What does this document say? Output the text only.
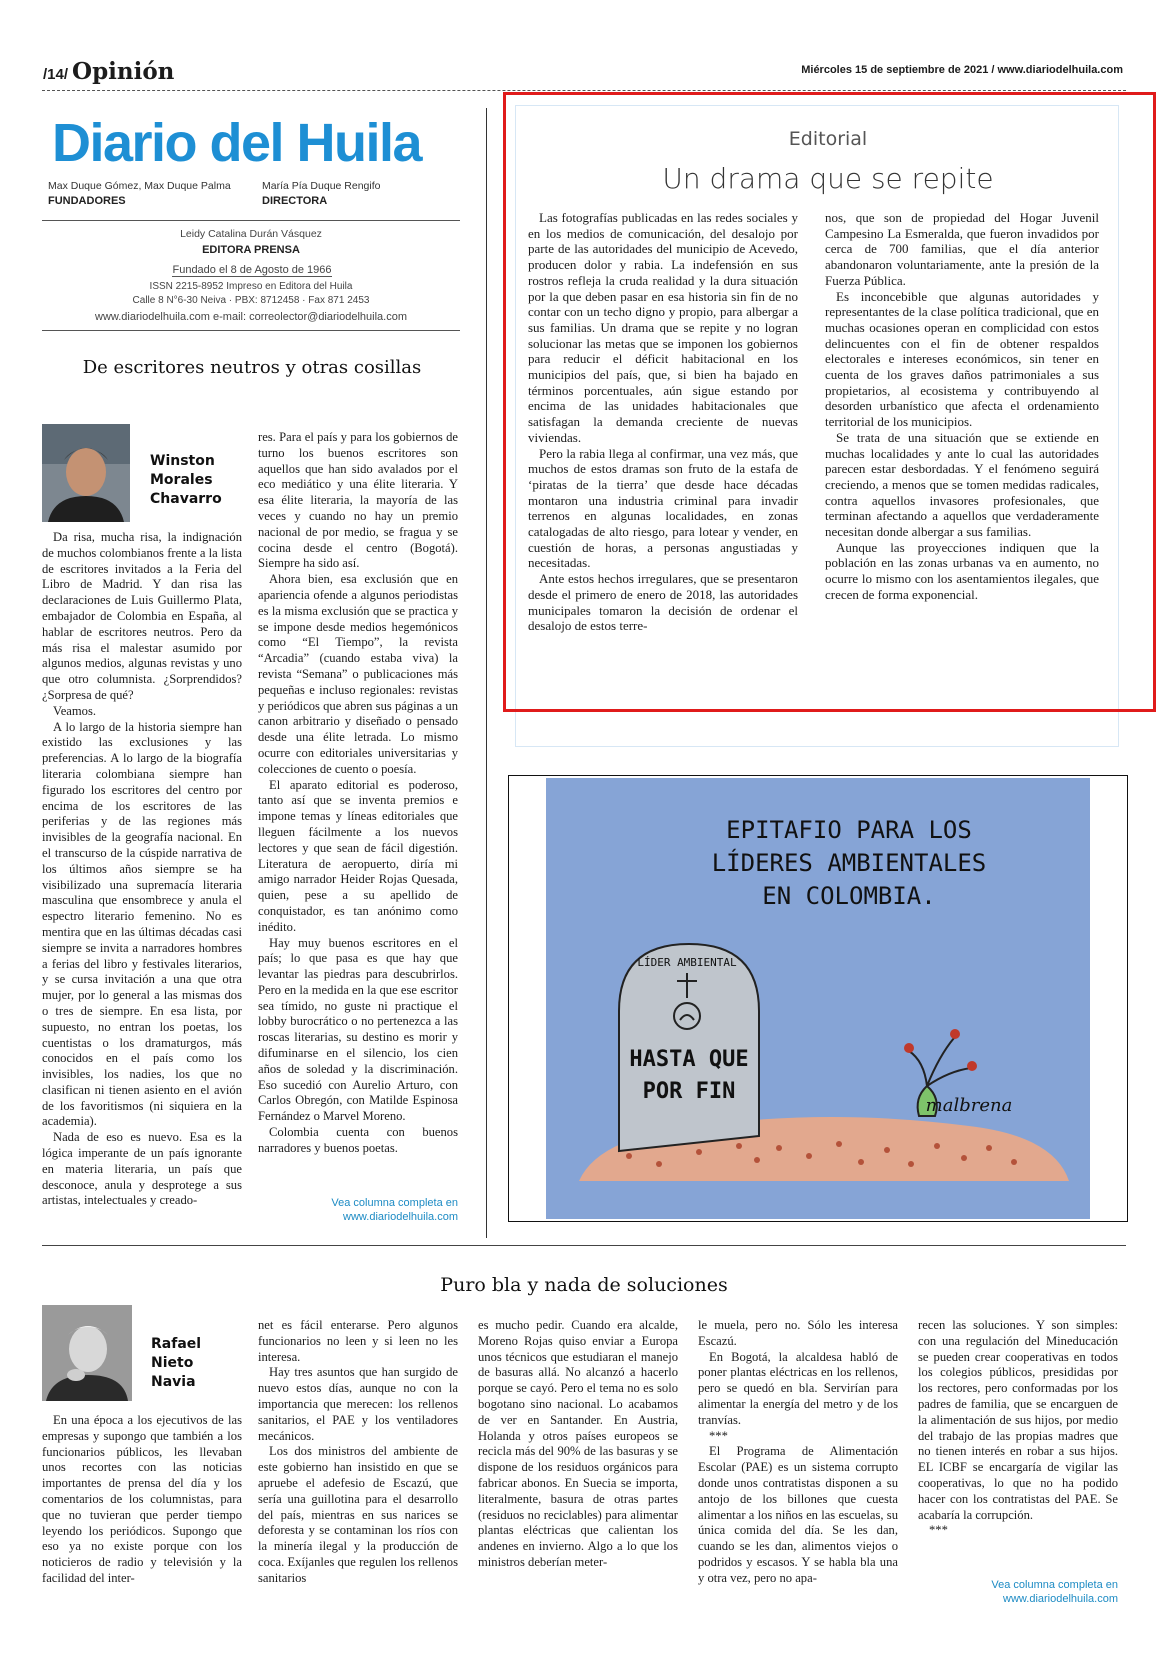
/14/ Opinión	Miércoles 15 de septiembre de 2021 / www.diariodelhuila.com
Diario del Huila
Max Duque Gómez, Max Duque Palma
FUNDADORES
María Pía Duque Rengifo
DIRECTORA
Leidy Catalina Durán Vásquez
EDITORA PRENSA
Fundado el 8 de Agosto de 1966
ISSN 2215-8952 Impreso en Editora del Huila
Calle 8 N°6-30 Neiva · PBX: 8712458 · Fax 871 2453
www.diariodelhuila.com e-mail: correolector@diariodelhuila.com
De escritores neutros y otras cosillas
Winston
Morales
Chavarro

Da risa, mucha risa, la indignación de muchos colombianos frente a la lista de escritores invitados a la Feria del Libro de Madrid. Y dan risa las declaraciones de Luis Guillermo Plata, embajador de Colombia en España, al hablar de escritores neutros. Pero da más risa el malestar asumido por algunos medios, algunas revistas y uno que otro columnista. ¿Sorprendidos? ¿Sorpresa de qué?

Veamos.

A lo largo de la historia siempre han existido las exclusiones y las preferencias. A lo largo de la biografía literaria colombiana siempre han figurado los escritores del centro por encima de los escritores de las periferias y de las regiones más invisibles de la geografía nacional. En el transcurso de la cúspide narrativa de los últimos años siempre se ha visibilizado una supremacía literaria masculina que ensombrece y anula el espectro literario femenino. No es mentira que en las últimas décadas casi siempre se invita a narradores hombres a ferias del libro y festivales literarios, y se cursa invitación a una que otra mujer, por lo general a las mismas dos o tres de siempre. En esa lista, por supuesto, no entran los poetas, los cuentistas o los dramaturgos, más conocidos en el país como los invisibles, los nadies, los que no clasifican ni tienen asiento en el avión de los favoritismos (ni siquiera en la academia).

Nada de eso es nuevo. Esa es la lógica imperante de un país ignorante en materia literaria, un país que desconoce, anula y desprotege a sus artistas, intelectuales y creado-

res. Para el país y para los gobiernos de turno los buenos escritores son aquellos que han sido avalados por el eco mediático y una élite literaria. Y esa élite literaria, la mayoría de las veces y cuando no hay un premio nacional de por medio, se fragua y se cocina desde el centro (Bogotá). Siempre ha sido así.

Ahora bien, esa exclusión que en apariencia ofende a algunos periodistas es la misma exclusión que se practica y se impone desde medios hegemónicos como “El Tiempo”, la revista “Arcadia” (cuando estaba viva) la revista “Semana” o publicaciones más pequeñas e incluso regionales: revistas y periódicos que abren sus páginas a un canon arbitrario y diseñado o pensado desde una élite letrada. Lo mismo ocurre con editoriales universitarias y colecciones de cuento o poesía.

El aparato editorial es poderoso, tanto así que se inventa premios e impone temas y líneas editoriales que lleguen fácilmente a los nuevos lectores y que sean de fácil digestión. Literatura de aeropuerto, diría mi amigo narrador Heider Rojas Quesada, quien, pese a su apellido de conquistador, es tan anónimo como inédito.

Hay muy buenos escritores en el país; lo que pasa es que hay que levantar las piedras para descubrirlos. Pero en la medida en la que ese escritor sea tímido, no guste ni practique el lobby burocrático o no pertenezca a las roscas literarias, su destino es morir y difuminarse en el silencio, los cien años de soledad y la discriminación. Eso sucedió con Aurelio Arturo, con Carlos Obregón, con Matilde Espinosa Fernández o Marvel Moreno.

Colombia cuenta con buenos narradores y buenos poetas.

Vea columna completa en
www.diariodelhuila.com
Editorial
Un drama que se repite

Las fotografías publicadas en las redes sociales y en los medios de comunicación, del desalojo por parte de las autoridades del municipio de Acevedo, producen dolor y rabia. La indefensión en sus rostros refleja la cruda realidad y la dura situación por la que deben pasar en esa historia sin fin de no contar con un techo digno y propio, para albergar a sus familias. Un drama que se repite y no logran solucionar las metas que se imponen los gobiernos para reducir el déficit habitacional en los municipios del país, que, si bien ha bajado en términos porcentuales, aún sigue estando por encima de las unidades habitacionales que satisfagan la demanda creciente de nuevas viviendas.

Pero la rabia llega al confirmar, una vez más, que muchos de estos dramas son fruto de la estafa de ‘piratas de la tierra’ que desde hace décadas montaron una industria criminal para invadir terrenos en algunas localidades, en zonas catalogadas de alto riesgo, para lotear y vender, en cuestión de horas, a personas angustiadas y necesitadas.

Ante estos hechos irregulares, que se presentaron desde el primero de enero de 2018, las autoridades municipales tomaron la decisión de ordenar el desalojo de estos terre-

nos, que son de propiedad del Hogar Juvenil Campesino La Esmeralda, que fueron invadidos por cerca de 700 familias, que el día anterior abandonaron voluntariamente, ante la presión de la Fuerza Pública.

Es inconcebible que algunas autoridades y representantes de la clase política tradicional, que en muchas ocasiones operan en complicidad con estos delincuentes con el fin de obtener respaldos electorales e intereses económicos, sin tener en cuenta de los graves daños patrimoniales a sus propietarios, al ecosistema y contribuyendo al desorden urbanístico que afecta el ordenamiento territorial de los municipios.

Se trata de una situación que se extiende en muchas localidades y ante lo cual las autoridades parecen estar desbordadas. Y el fenómeno seguirá creciendo, a menos que se tomen medidas radicales, contra aquellos invasores profesionales, que terminan afectando a aquellos que verdaderamente necesitan donde albergar a sus familias.

Aunque las proyecciones indiquen que la población en las zonas urbanas va en aumento, no ocurre lo mismo con los asentamientos ilegales, que crecen de forma exponencial.

EPITAFIO PARA LOS
LÍDERES AMBIENTALES
EN COLOMBIA.
LÍDER AMBIENTAL
HASTA QUE
POR FIN
malbrena
Puro bla y nada de soluciones
Rafael
Nieto
Navia

En una época a los ejecutivos de las empresas y supongo que también a los funcionarios públicos, les llevaban unos recortes con las noticias importantes de prensa del día y los comentarios de los columnistas, para que no tuvieran que perder tiempo leyendo los periódicos. Supongo que eso ya no existe porque con los noticieros de radio y televisión y la facilidad del inter-

net es fácil enterarse. Pero algunos funcionarios no leen y si leen no les interesa.

Hay tres asuntos que han surgido de nuevo estos días, aunque no con la importancia que merecen: los rellenos sanitarios, el PAE y los ventiladores mecánicos.

Los dos ministros del ambiente de este gobierno han insistido en que se apruebe el adefesio de Escazú, que sería una guillotina para el desarrollo del país, mientras en sus narices se deforesta y se contaminan los ríos con la minería ilegal y la producción de coca. Exíjanles que regulen los rellenos sanitarios

es mucho pedir. Cuando era alcalde, Moreno Rojas quiso enviar a Europa unos técnicos que estudiaran el manejo de basuras allá. No alcanzó a hacerlo porque se cayó. Pero el tema no es solo bogotano sino nacional. Lo acabamos de ver en Santander. En Austria, Holanda y otros países europeos se recicla más del 90% de las basuras y se dispone de los residuos orgánicos para fabricar abonos. En Suecia se importa, literalmente, basura de otras partes (residuos no reciclables) para alimentar plantas eléctricas que calientan los andenes en invierno. Algo a lo que los ministros deberían meter-

le muela, pero no. Sólo les interesa Escazú.

En Bogotá, la alcaldesa habló de poner plantas eléctricas en los rellenos, pero se quedó en bla. Servirían para alimentar la energía del metro y de los tranvías.

***

El Programa de Alimentación Escolar (PAE) es un sistema corrupto donde unos contratistas disponen a su antojo de los billones que cuesta alimentar a los niños en las escuelas, su única comida del día. Se les dan, cuando se les dan, alimentos viejos o podridos y escasos. Y se habla bla una y otra vez, pero no apa-

recen las soluciones. Y son simples: con una regulación del Mineducación se pueden crear cooperativas en todos los colegios públicos, presididas por los rectores, pero conformadas por los padres de familia, que se encarguen de la alimentación de sus hijos, por medio del trabajo de las propias madres que no tienen interés en robar a sus hijos. EL ICBF se encargaría de vigilar las cooperativas, lo que no ha podido hacer con los contratistas del PAE. Se acabaría la corrupción.

***

Vea columna completa en
www.diariodelhuila.com
